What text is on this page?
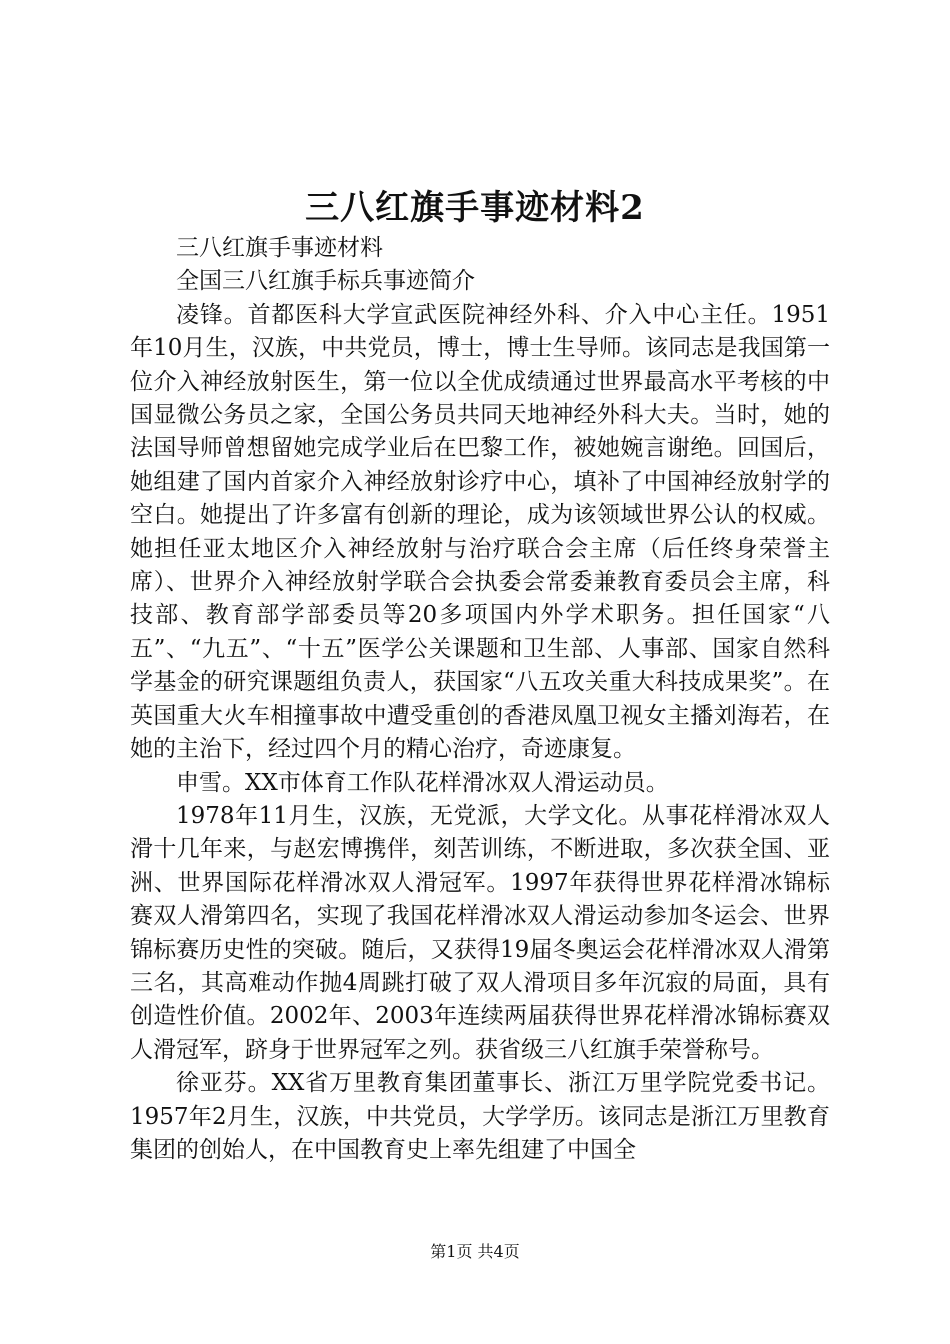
三八红旗手事迹材料2

三八红旗手事迹材料

全国三八红旗手标兵事迹简介

凌锋。首都医科大学宣武医院神经外科、介入中心主任。1951年10月生，汉族，中共党员，博士，博士生导师。该同志是我国第一位介入神经放射医生，第一位以全优成绩通过世界最高水平考核的中国显微公务员之家，全国公务员共同天地神经外科大夫。当时，她的法国导师曾想留她完成学业后在巴黎工作，被她婉言谢绝。回国后，她组建了国内首家介入神经放射诊疗中心，填补了中国神经放射学的空白。她提出了许多富有创新的理论，成为该领域世界公认的权威。她担任亚太地区介入神经放射与治疗联合会主席（后任终身荣誉主席）、世界介入神经放射学联合会执委会常委兼教育委员会主席，科技部、教育部学部委员等20多项国内外学术职务。担任国家“八五”、“九五”、“十五”医学公关课题和卫生部、人事部、国家自然科学基金的研究课题组负责人，获国家“八五攻关重大科技成果奖”。在英国重大火车相撞事故中遭受重创的香港凤凰卫视女主播刘海若，在她的主治下，经过四个月的精心治疗，奇迹康复。

申雪。XX市体育工作队花样滑冰双人滑运动员。

1978年11月生，汉族，无党派，大学文化。从事花样滑冰双人滑十几年来，与赵宏博携伴，刻苦训练，不断进取，多次获全国、亚洲、世界国际花样滑冰双人滑冠军。1997年获得世界花样滑冰锦标赛双人滑第四名，实现了我国花样滑冰双人滑运动参加冬运会、世界锦标赛历史性的突破。随后，又获得19届冬奥运会花样滑冰双人滑第三名，其高难动作抛4周跳打破了双人滑项目多年沉寂的局面，具有创造性价值。2002年、2003年连续两届获得世界花样滑冰锦标赛双人滑冠军，跻身于世界冠军之列。获省级三八红旗手荣誉称号。

徐亚芬。XX省万里教育集团董事长、浙江万里学院党委书记。1957年2月生，汉族，中共党员，大学学历。该同志是浙江万里教育集团的创始人，在中国教育史上率先组建了中国全

第1页 共4页
